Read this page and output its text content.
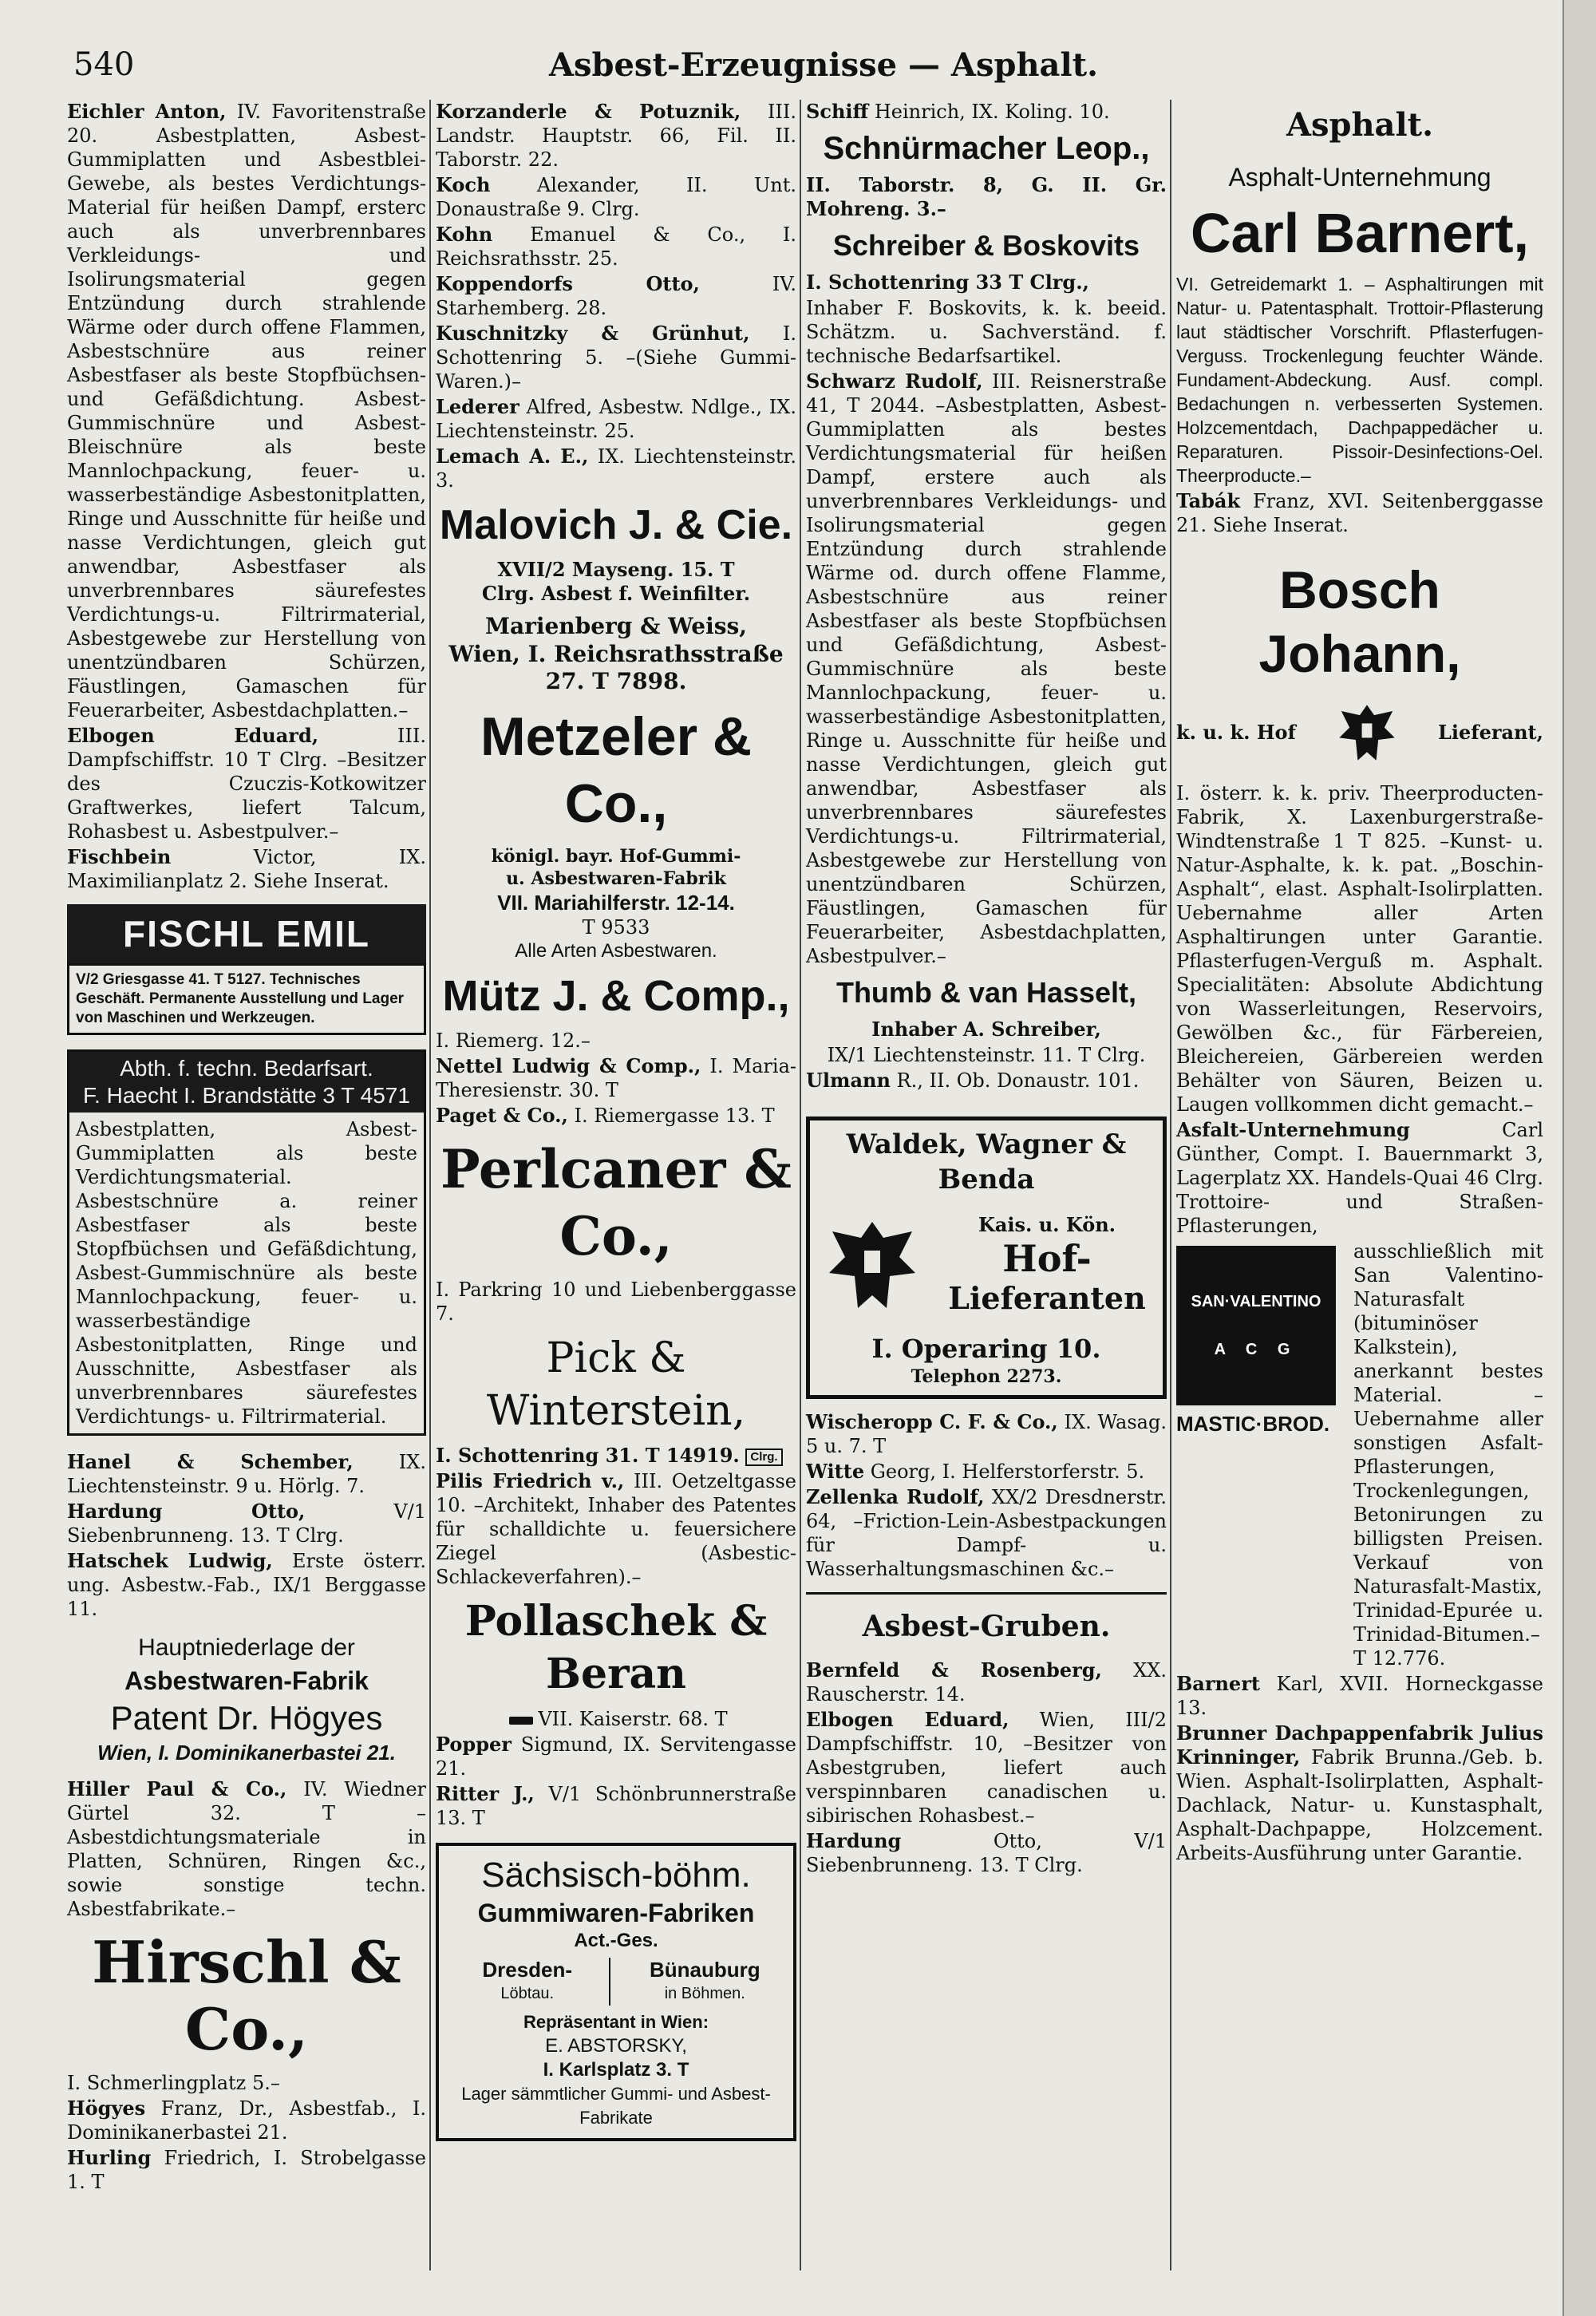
540	Asbest-Erzeugnisse — Asphalt.
Eichler Anton, IV. Favoritenstraße 20. Asbestplatten, Asbest-Gummiplatten und Asbestblei-Gewebe, als bestes Verdichtungs-Material für heißen Dampf, ersterc auch als unverbrennbares Verkleidungs- und Isolirungsmaterial gegen Entzündung durch strahlende Wärme oder durch offene Flammen, Asbestschnüre aus reiner Asbestfaser als beste Stopfbüchsen- und Gefäßdichtung. Asbest-Gummischnüre und Asbest-Bleischnüre als beste Mannlochpackung, feuer- u. wasserbeständige Asbestonitplatten, Ringe und Ausschnitte für heiße und nasse Verdichtungen, gleich gut anwendbar, Asbestfaser als unverbrennbares säurefestes Verdichtungs-u. Filtrirmaterial, Asbestgewebe zur Herstellung von unentzündbaren Schürzen, Fäustlingen, Gamaschen für Feuerarbeiter, Asbestdachplatten.–
Elbogen Eduard,	III. Dampfschiffstr. 10 T Clrg. –Besitzer des Czuczis-Kotkowitzer Graftwerkes, liefert Talcum, Rohasbest u. Asbestpulver.–
Fischbein	Victor, IX. Maximilianplatz 2. Siehe Inserat.
FISCHL EMIL
V/2 Griesgasse 41. T 5127. Technisches Geschäft. Permanente Ausstellung und Lager von Maschinen und Werkzeugen.
Abth. f. techn. Bedarfsart.
F. Haecht I. Brandstätte 3 T 4571
Asbestplatten, Asbest-Gummiplatten als beste Verdichtungsmaterial. Asbestschnüre a. reiner Asbestfaser als beste Stopfbüchsen und Gefäßdichtung, Asbest-Gummischnüre als beste Mannlochpackung, feuer- u. wasserbeständige Asbestonitplatten, Ringe und Ausschnitte, Asbestfaser als unverbrennbares säurefestes Verdichtungs- u. Filtrirmaterial.
Hanel & Schember, IX. Liechtensteinstr. 9 u. Hörlg. 7.
Hardung Otto,	V/1 Siebenbrunneng. 13. T Clrg.
Hatschek Ludwig, Erste österr. ung. Asbestw.-Fab., IX/1 Berggasse 11.
Hauptniederlage der
Asbestwaren-Fabrik
Patent Dr. Högyes
Wien, I. Dominikanerbastei 21.
Hiller Paul & Co., IV. Wiedner Gürtel 32. T –Asbestdichtungsmateriale in Platten, Schnüren, Ringen &c., sowie sonstige techn. Asbestfabrikate.–
Hirschl & Co.,
I. Schmerlingplatz 5.–
Högyes Franz, Dr., Asbestfab., I. Dominikanerbastei 21.
Hurling Friedrich, I. Strobelgasse 1. T
Korzanderle & Potuznik, III. Landstr. Hauptstr. 66, Fil. II. Taborstr. 22.
Koch Alexander, II. Unt. Donaustraße 9. Clrg.
Kohn Emanuel & Co., I. Reichsrathsstr. 25.
Koppendorfs Otto,	IV. Starhemberg. 28.
Kuschnitzky & Grünhut, I. Schottenring 5. –(Siehe Gummi-Waren.)–
Lederer Alfred, Asbestw. Ndlge., IX. Liechtensteinstr. 25.
Lemach A. E., IX. Liechtensteinstr. 3.
Malovich J. & Cie.
XVII/2 Mayseng. 15. T
Clrg. Asbest f. Weinfilter.
Marienberg & Weiss,
Wien, I. Reichsrathsstraße 27. T 7898.
Metzeler & Co.,
königl. bayr. Hof-Gummi-
u. Asbestwaren-Fabrik
VII. Mariahilferstr. 12-14.
T 9533
Alle Arten Asbestwaren.
Mütz J. & Comp.,
I. Riemerg. 12.–
Nettel Ludwig & Comp., I. Maria-Theresienstr. 30. T
Paget & Co., I. Riemergasse 13. T
Perlcaner & Co.,
I. Parkring 10 und Liebenberggasse 7.
Pick & Winterstein,
I. Schottenring 31. T 14919. Clrg.
Pilis Friedrich v., III. Oetzeltgasse 10. –Architekt, Inhaber des Patentes für schalldichte u. feuersichere Ziegel (Asbestic-Schlackeverfahren).–
Pollaschek & Beran
VII. Kaiserstr. 68. T
Popper Sigmund, IX. Servitengasse 21.
Ritter J., V/1 Schönbrunnerstraße 13. T
Sächsisch-böhm.
Gummiwaren-Fabriken
Act.-Ges.
Dresden-
Löbtau.
Bünauburg
in Böhmen.
Repräsentant in Wien:
E. ABSTORSKY,
I. Karlsplatz 3. T
Lager sämmtlicher Gummi- und Asbest-Fabrikate
Schiff Heinrich, IX. Koling. 10.
Schnürmacher Leop.,
II. Taborstr. 8, G. II. Gr. Mohreng. 3.–
Schreiber & Boskovits
I. Schottenring 33 T Clrg.,
Inhaber F. Boskovits, k. k. beeid. Schätzm. u. Sachverständ. f. technische Bedarfsartikel.
Schwarz Rudolf, III. Reisnerstraße 41, T 2044. –Asbestplatten, Asbest-Gummiplatten als bestes Verdichtungsmaterial für heißen Dampf, erstere auch als unverbrennbares Verkleidungs- und Isolirungsmaterial gegen Entzündung durch strahlende Wärme od. durch offene Flamme, Asbestschnüre aus reiner Asbestfaser als beste Stopfbüchsen und Gefäßdichtung, Asbest-Gummischnüre als beste Mannlochpackung, feuer- u. wasserbeständige Asbestonitplatten, Ringe u. Ausschnitte für heiße und nasse Verdichtungen, gleich gut anwendbar, Asbestfaser als unverbrennbares säurefestes Verdichtungs-u. Filtrirmaterial, Asbestgewebe zur Herstellung von unentzündbaren Schürzen, Fäustlingen, Gamaschen für Feuerarbeiter, Asbestdachplatten, Asbestpulver.–
Thumb & van Hasselt,
Inhaber A. Schreiber,
IX/1 Liechtensteinstr. 11. T Clrg.
Ulmann R., II. Ob. Donaustr. 101.
Waldek, Wagner & Benda
Kais. u. Kön.
Hof-
Lieferanten
I. Operaring 10.
Telephon 2273.
Wischeropp C. F. & Co., IX. Wasag. 5 u. 7. T
Witte Georg, I. Helferstorferstr. 5.
Zellenka Rudolf, XX/2 Dresdnerstr. 64, –Friction-Lein-Asbestpackungen für Dampf- u. Wasserhaltungsmaschinen &c.–
Asbest-Gruben.
Bernfeld & Rosenberg, XX. Rauscherstr. 14.
Elbogen Eduard, Wien, III/2 Dampfschiffstr. 10, –Besitzer von Asbestgruben, liefert auch verspinnbaren canadischen u. sibirischen Rohasbest.–
Hardung	Otto, V/1 Siebenbrunneng. 13. T Clrg.
Asphalt.
Asphalt-Unternehmung
Carl Barnert,
VI. Getreidemarkt 1. – Asphaltirungen mit Natur- u. Patentasphalt. Trottoir-Pflasterung laut städtischer Vorschrift. Pflasterfugen-Verguss. Trockenlegung feuchter Wände. Fundament-Abdeckung. Ausf. compl. Bedachungen n. verbesserten Systemen. Holzcementdach, Dachpappedächer u. Reparaturen. Pissoir-Desinfections-Oel. Theerproducte.–
Tabák Franz, XVI. Seitenberggasse 21. Siehe Inserat.
Bosch Johann,
k. u. k. Hof	Lieferant,
I. österr. k. k. priv. Theerproducten-Fabrik, X. Laxenburgerstraße-Windtenstraße 1 T 825. –Kunst- u. Natur-Asphalte, k. k. pat. „Boschin-Asphalt“, elast. Asphalt-Isolirplatten. Uebernahme aller Arten Asphaltirungen unter Garantie. Pflasterfugen-Verguß m. Asphalt. Specialitäten: Absolute Abdichtung von Wasserleitungen, Reservoirs, Gewölben &c., für Färbereien, Bleichereien, Gärbereien werden Behälter von Säuren, Beizen u. Laugen vollkommen dicht gemacht.–
Asfalt-Unternehmung	Carl Günther, Compt. I. Bauernmarkt 3, Lagerplatz XX. Handels-Quai 46 Clrg. Trottoire- und Straßen-Pflasterungen,
SAN·VALENTINO
A C G
MASTIC·BROD.
ausschließlich mit San Valentino-Naturasfalt (bituminöser Kalkstein), anerkannt bestes Material. – Uebernahme aller sonstigen Asfalt-Pflasterungen, Trockenlegungen, Betonirungen zu billigsten Preisen. Verkauf von Naturasfalt-Mastix, Trinidad-Epurée u. Trinidad-Bitumen.– T 12.776.
Barnert Karl, XVII. Horneckgasse 13.
Brunner Dachpappenfabrik Julius Krinninger, Fabrik Brunna./Geb. b. Wien. Asphalt-Isolirplatten, Asphalt-Dachlack, Natur- u. Kunstasphalt, Asphalt-Dachpappe, Holzcement. Arbeits-Ausführung unter Garantie.
